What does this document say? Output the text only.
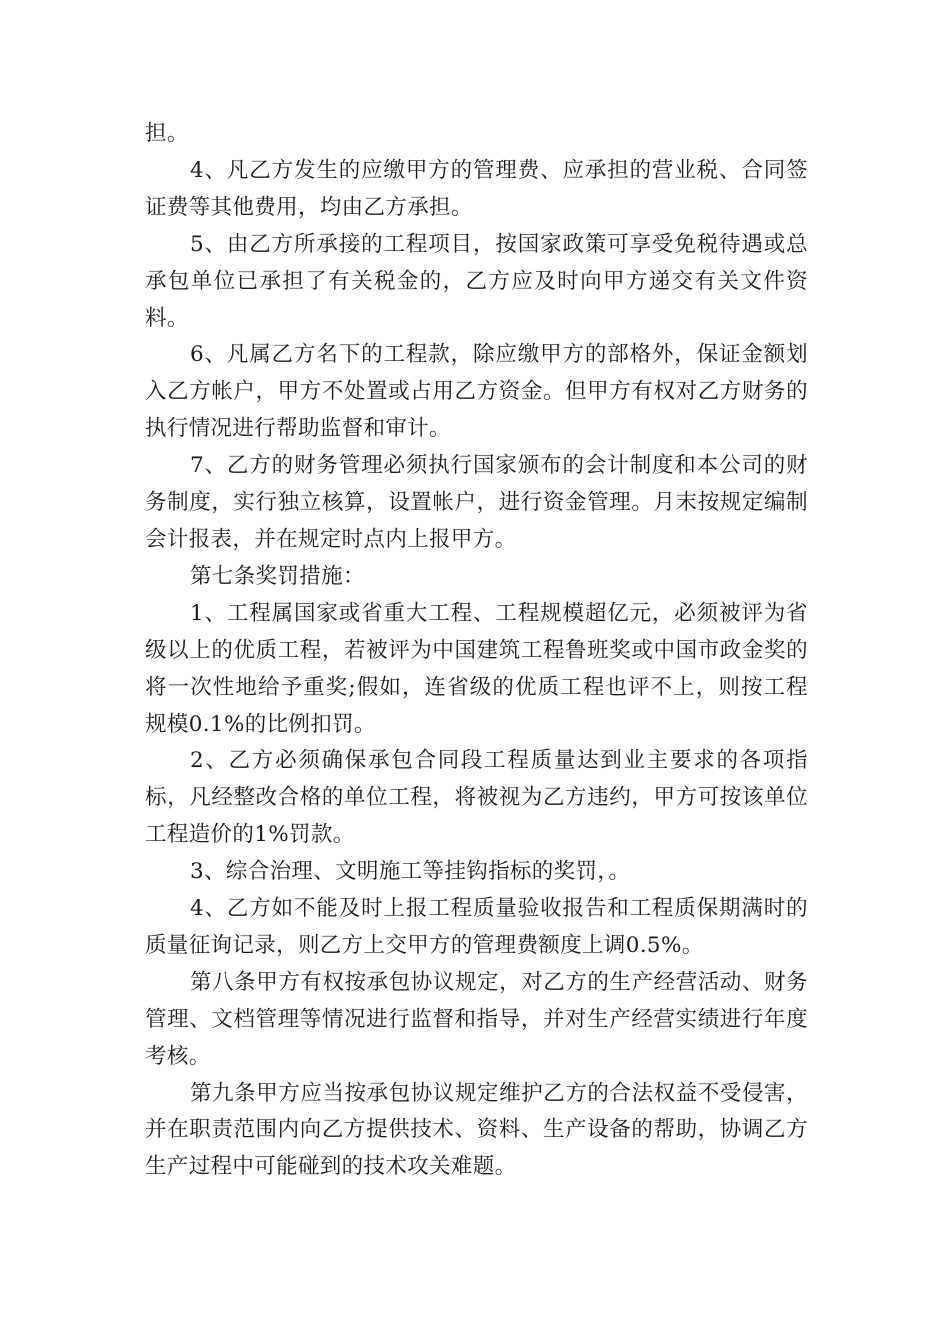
担。

4、凡乙方发生的应缴甲方的管理费、应承担的营业税、合同签证费等其他费用，均由乙方承担。

5、由乙方所承接的工程项目，按国家政策可享受免税待遇或总承包单位已承担了有关税金的，乙方应及时向甲方递交有关文件资料。

6、凡属乙方名下的工程款，除应缴甲方的部格外，保证金额划入乙方帐户，甲方不处置或占用乙方资金。但甲方有权对乙方财务的执行情况进行帮助监督和审计。

7、乙方的财务管理必须执行国家颁布的会计制度和本公司的财务制度，实行独立核算，设置帐户，进行资金管理。月末按规定编制会计报表，并在规定时点内上报甲方。

第七条奖罚措施：

1、工程属国家或省重大工程、工程规模超亿元，必须被评为省级以上的优质工程，若被评为中国建筑工程鲁班奖或中国市政金奖的将一次性地给予重奖;假如，连省级的优质工程也评不上，则按工程规模0.1%的比例扣罚。

2、乙方必须确保承包合同段工程质量达到业主要求的各项指标，凡经整改合格的单位工程，将被视为乙方违约，甲方可按该单位工程造价的1%罚款。

3、综合治理、文明施工等挂钩指标的奖罚，。

4、乙方如不能及时上报工程质量验收报告和工程质保期满时的质量征询记录，则乙方上交甲方的管理费额度上调0.5%。

第八条甲方有权按承包协议规定，对乙方的生产经营活动、财务管理、文档管理等情况进行监督和指导，并对生产经营实绩进行年度考核。

第九条甲方应当按承包协议规定维护乙方的合法权益不受侵害，并在职责范围内向乙方提供技术、资料、生产设备的帮助，协调乙方生产过程中可能碰到的技术攻关难题。
